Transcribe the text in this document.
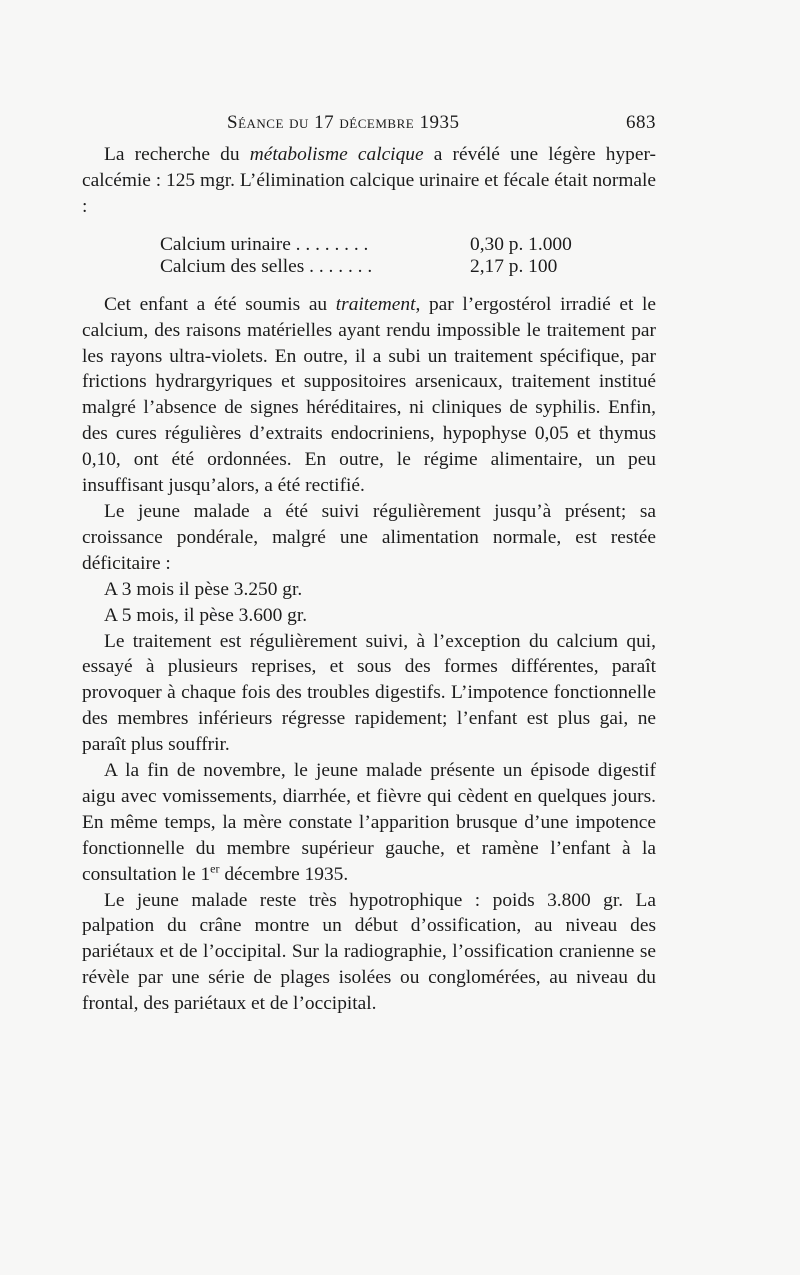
Séance du 17 décembre 1935	683

La recherche du métabolisme calcique a révélé une légère hyper-calcémie : 125 mgr. L’élimination calcique urinaire et fécale était normale :

Calcium urinaire . . . . . . . .	0,30 p. 1.000
Calcium des selles . . . . . . .	2,17 p. 100

Cet enfant a été soumis au traitement, par l’ergostérol irradié et le calcium, des raisons matérielles ayant rendu impossible le traitement par les rayons ultra-violets. En outre, il a subi un traitement spécifique, par frictions hydrargyriques et suppositoires arsenicaux, traitement institué malgré l’absence de signes héréditaires, ni cliniques de syphilis. Enfin, des cures régulières d’extraits endocriniens, hypophyse 0,05 et thymus 0,10, ont été ordonnées. En outre, le régime alimentaire, un peu insuffisant jusqu’alors, a été rectifié.

Le jeune malade a été suivi régulièrement jusqu’à présent; sa croissance pondérale, malgré une alimentation normale, est restée déficitaire :

A 3 mois il pèse 3.250 gr.
A 5 mois, il pèse 3.600 gr.

Le traitement est régulièrement suivi, à l’exception du calcium qui, essayé à plusieurs reprises, et sous des formes différentes, paraît provoquer à chaque fois des troubles digestifs. L’impotence fonctionnelle des membres inférieurs régresse rapidement; l’enfant est plus gai, ne paraît plus souffrir.

A la fin de novembre, le jeune malade présente un épisode digestif aigu avec vomissements, diarrhée, et fièvre qui cèdent en quelques jours. En même temps, la mère constate l’apparition brusque d’une impotence fonctionnelle du membre supérieur gauche, et ramène l’enfant à la consultation le 1er décembre 1935.

Le jeune malade reste très hypotrophique : poids 3.800 gr. La palpation du crâne montre un début d’ossification, au niveau des pariétaux et de l’occipital. Sur la radiographie, l’ossification cranienne se révèle par une série de plages isolées ou conglomérées, au niveau du frontal, des pariétaux et de l’occipital.
